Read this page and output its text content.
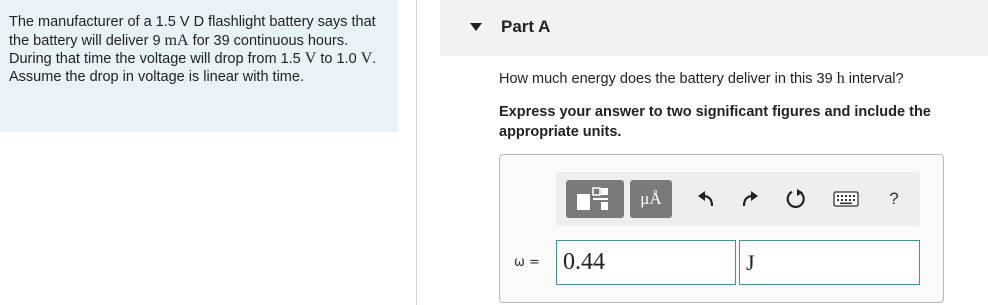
The manufacturer of a 1.5 V D flashlight battery says that the battery will deliver 9 mA for 39 continuous hours. During that time the voltage will drop from 1.5 V to 1.0 V. Assume the drop in voltage is linear with time.
Part A
How much energy does the battery deliver in this 39 h interval?
Express your answer to two significant figures and include the appropriate units.
μÅ	?
ω =
0.44
J
